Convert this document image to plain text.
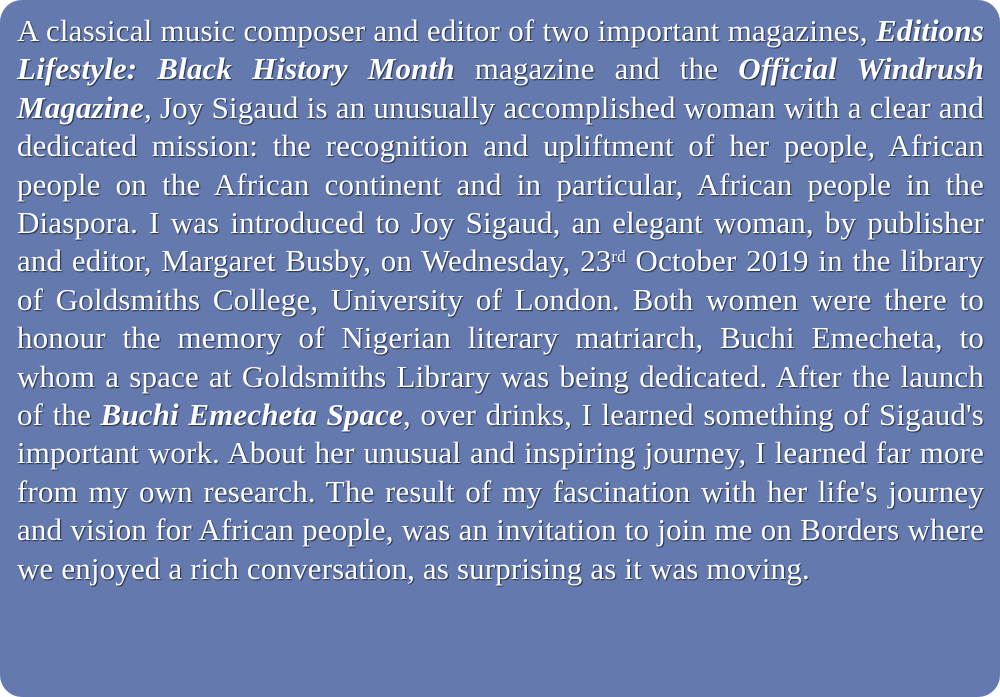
A classical music composer and editor of two important magazines, Editions Lifestyle: Black History Month magazine and the Official Windrush Magazine, Joy Sigaud is an unusually accomplished woman with a clear and dedicated mission: the recognition and upliftment of her people, African people on the African continent and in particular, African people in the Diaspora. I was introduced to Joy Sigaud, an elegant woman, by publisher and editor, Margaret Busby, on Wednesday, 23rd October 2019 in the library of Goldsmiths College, University of London. Both women were there to honour the memory of Nigerian literary matriarch, Buchi Emecheta, to whom a space at Goldsmiths Library was being dedicated. After the launch of the Buchi Emecheta Space, over drinks, I learned something of Sigaud's important work. About her unusual and inspiring journey, I learned far more from my own research. The result of my fascination with her life's journey and vision for African people, was an invitation to join me on Borders where we enjoyed a rich conversation, as surprising as it was moving.
